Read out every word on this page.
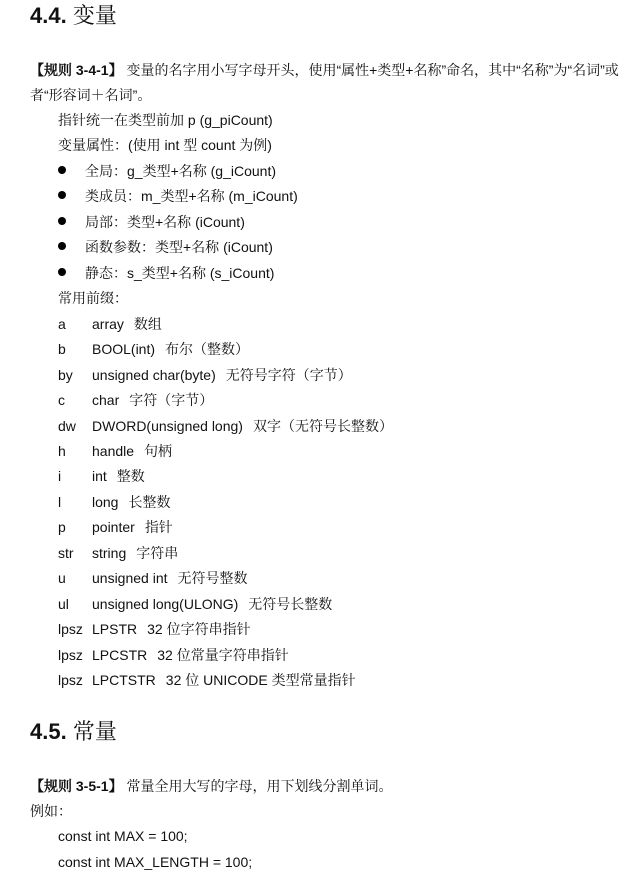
4.4. 变量
【规则 3-4-1】 变量的名字用小写字母开头，使用“属性+类型+名称”命名，其中“名称”为“名词”或者“形容词＋名词”。
指针统一在类型前加 p (g_piCount)
变量属性：(使用 int 型 count 为例)
全局：g_类型+名称 (g_iCount)
类成员：m_类型+名称 (m_iCount)
局部：类型+名称 (iCount)
函数参数：类型+名称 (iCount)
静态：s_类型+名称 (s_iCount)
常用前缀：
a array 数组
b BOOL(int) 布尔（整数）
by unsigned char(byte) 无符号字符（字节）
c char 字符（字节）
dw DWORD(unsigned long) 双字（无符号长整数）
h handle 句柄
i int 整数
l long 长整数
p pointer 指针
str string 字符串
u unsigned int 无符号整数
ul unsigned long(ULONG) 无符号长整数
lpsz LPSTR 32 位字符串指针
lpsz LPCSTR 32 位常量字符串指针
lpsz LPCTSTR 32 位 UNICODE 类型常量指针
4.5. 常量
【规则 3-5-1】 常量全用大写的字母，用下划线分割单词。
例如：
const int MAX = 100;
const int MAX_LENGTH = 100;
